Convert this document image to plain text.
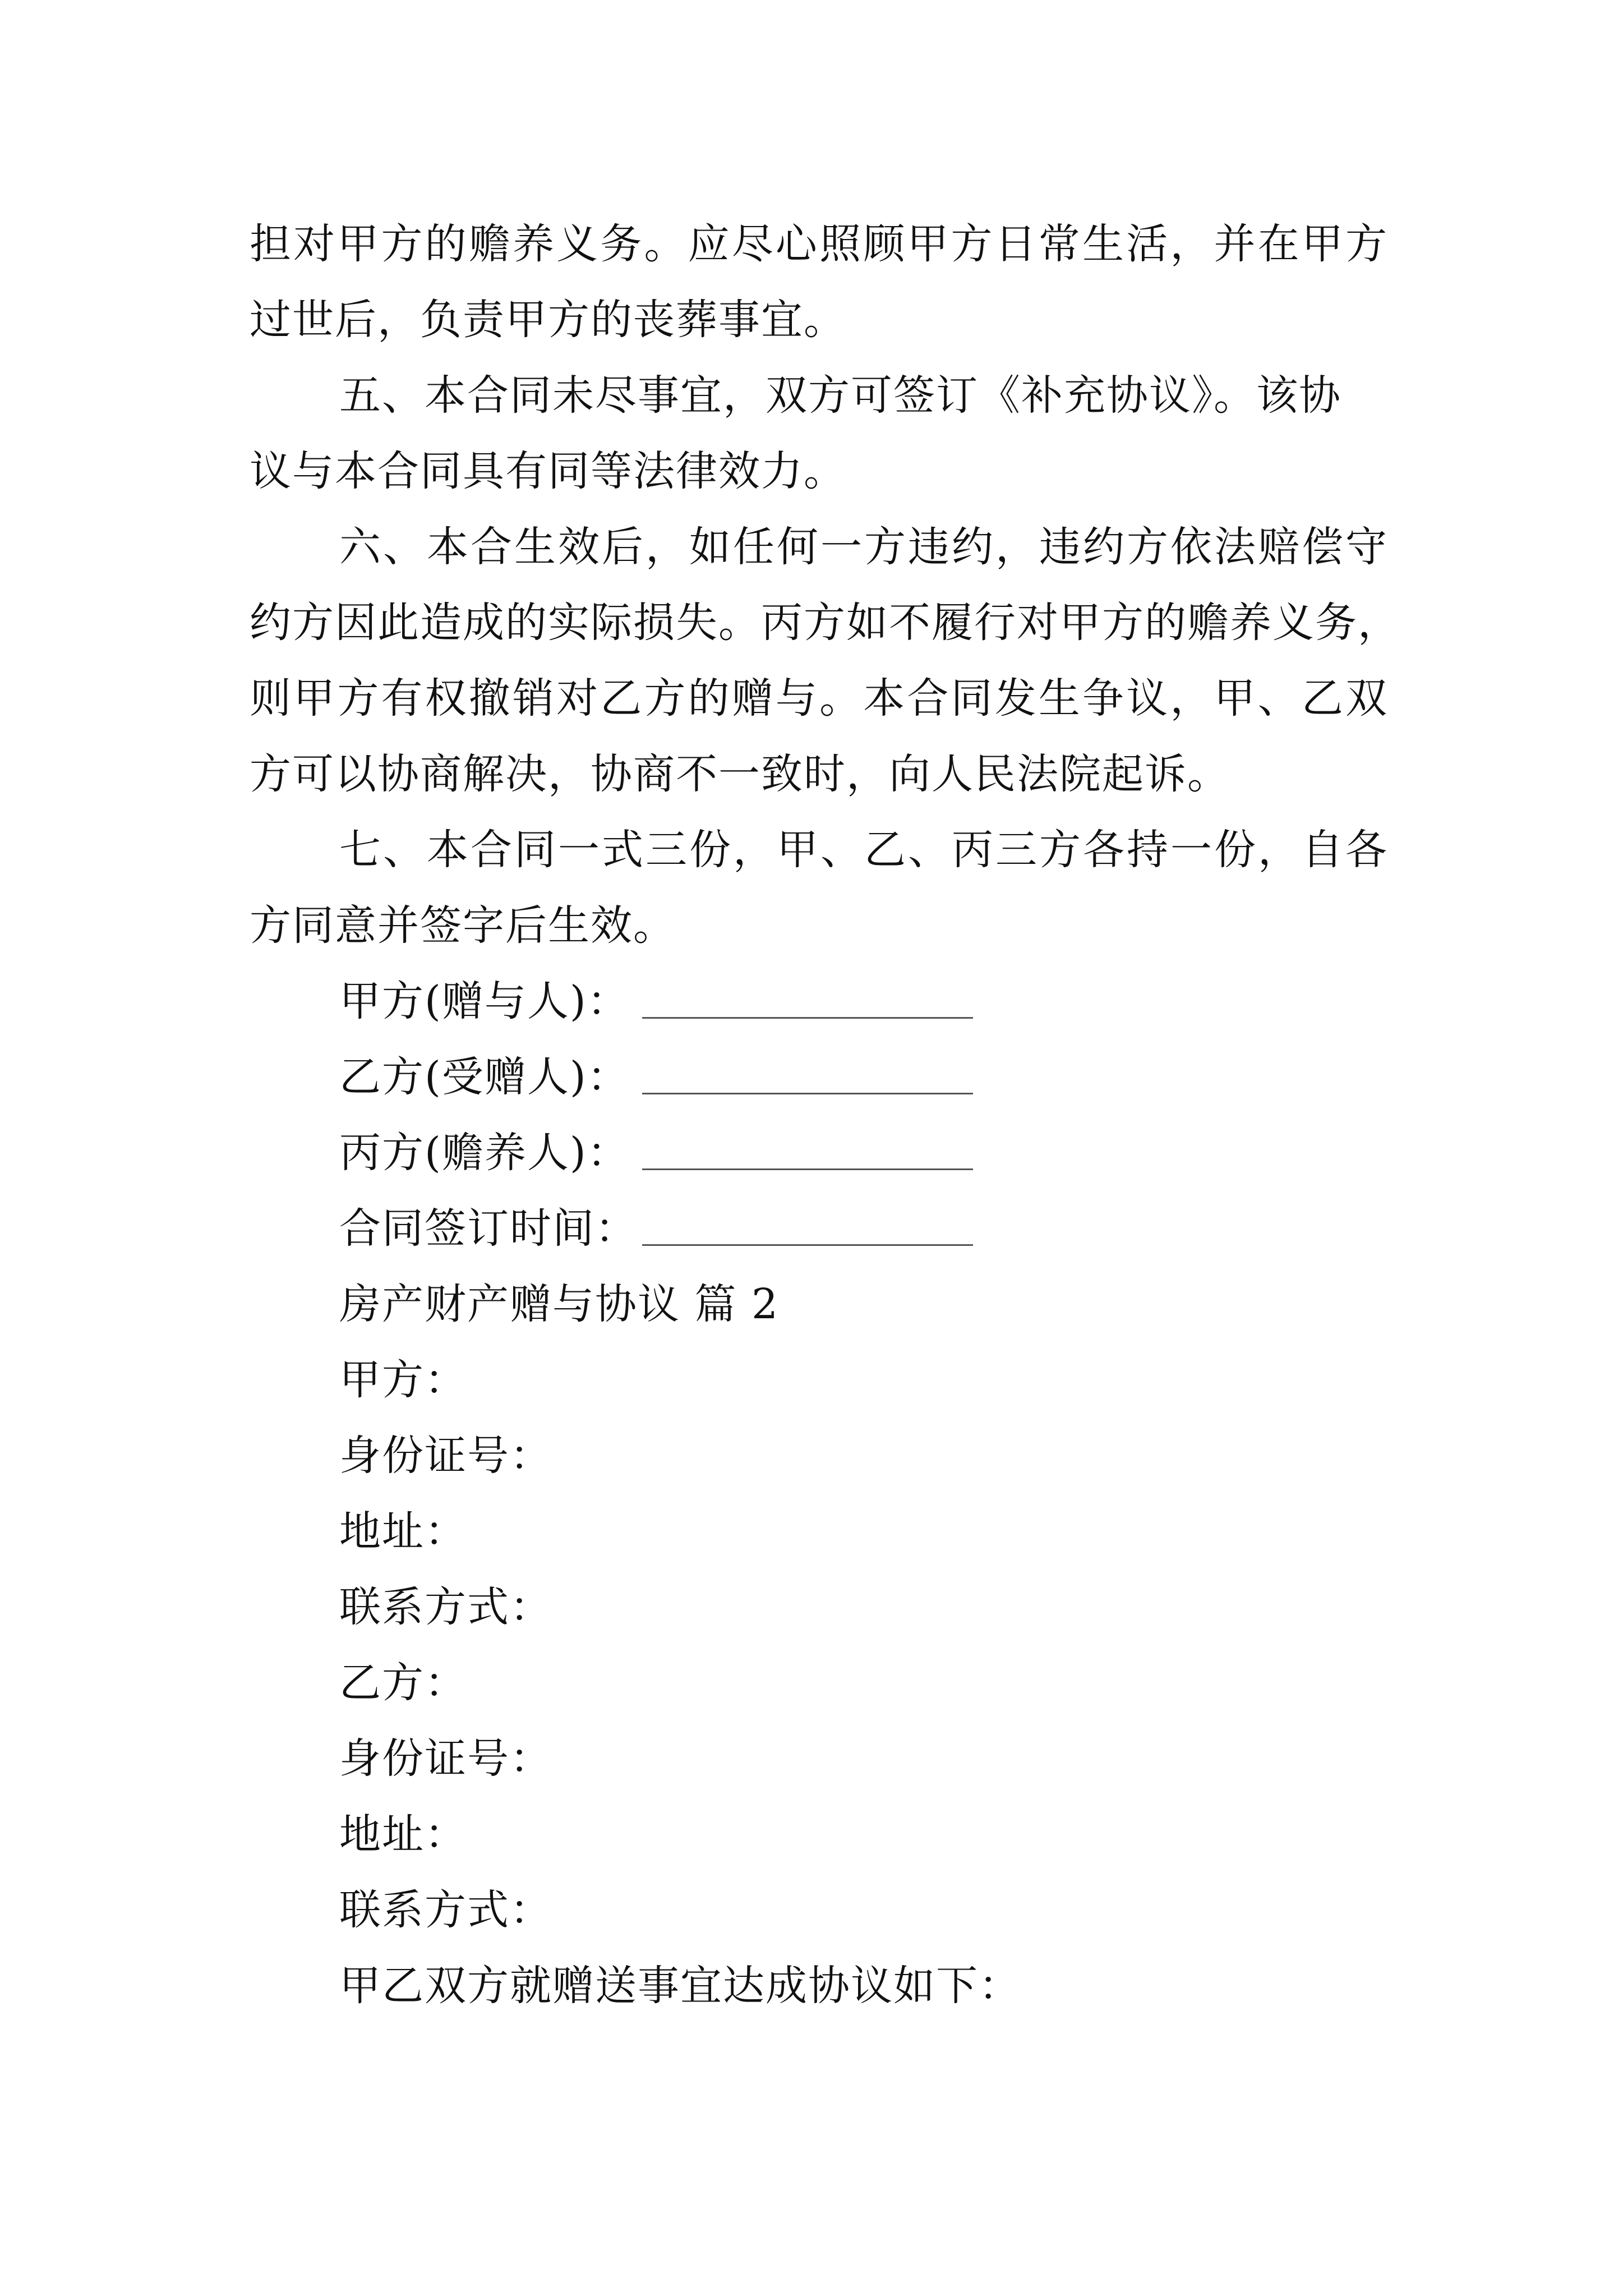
担对甲方的赡养义务。应尽心照顾甲方日常生活，并在甲方
过世后，负责甲方的丧葬事宜。
五、本合同未尽事宜，双方可签订《补充协议》。该协
议与本合同具有同等法律效力。
六、本合生效后，如任何一方违约，违约方依法赔偿守
约方因此造成的实际损失。丙方如不履行对甲方的赡养义务，
则甲方有权撤销对乙方的赠与。本合同发生争议，甲、乙双
方可以协商解决，协商不一致时，向人民法院起诉。
七、本合同一式三份，甲、乙、丙三方各持一份，自各
方同意并签字后生效。
甲方(赠与人)：
乙方(受赠人)：
丙方(赡养人)：
合同签订时间：
房产财产赠与协议 篇 2
甲方：
身份证号：
地址：
联系方式：
乙方：
身份证号：
地址：
联系方式：
甲乙双方就赠送事宜达成协议如下：
